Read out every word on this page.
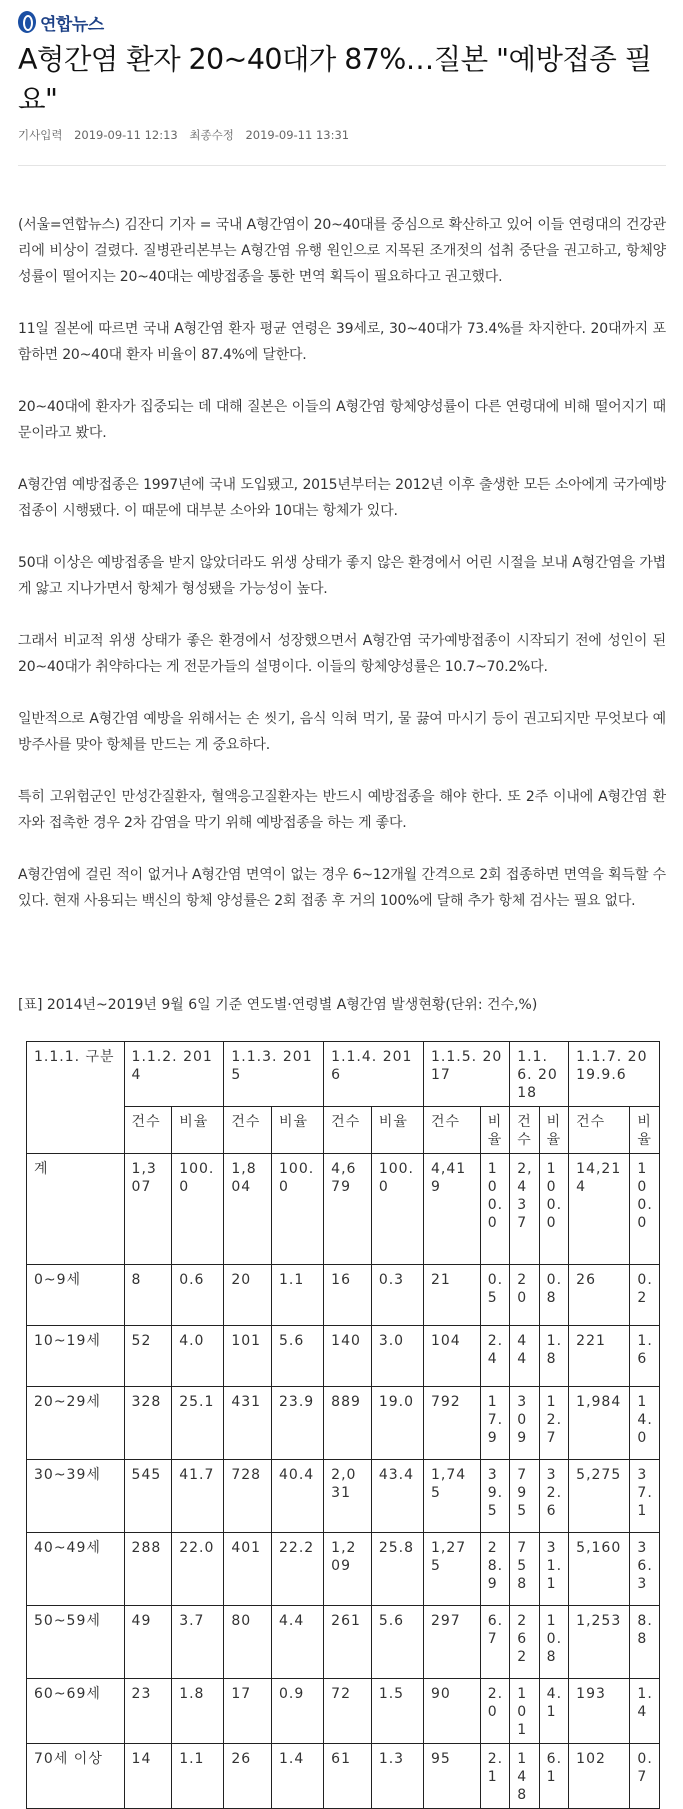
연합뉴스
A형간염 환자 20~40대가 87%…질본 "예방접종 필요"
기사입력 2019-09-11 12:13 최종수정 2019-09-11 13:31

(서울=연합뉴스) 김잔디 기자 = 국내 A형간염이 20~40대를 중심으로 확산하고 있어 이들 연령대의 건강관리에 비상이 걸렸다. 질병관리본부는 A형간염 유행 원인으로 지목된 조개젓의 섭취 중단을 권고하고, 항체양성률이 떨어지는 20~40대는 예방접종을 통한 면역 획득이 필요하다고 권고했다.

11일 질본에 따르면 국내 A형간염 환자 평균 연령은 39세로, 30~40대가 73.4%를 차지한다. 20대까지 포함하면 20~40대 환자 비율이 87.4%에 달한다.

20~40대에 환자가 집중되는 데 대해 질본은 이들의 A형간염 항체양성률이 다른 연령대에 비해 떨어지기 때문이라고 봤다.

A형간염 예방접종은 1997년에 국내 도입됐고, 2015년부터는 2012년 이후 출생한 모든 소아에게 국가예방접종이 시행됐다. 이 때문에 대부분 소아와 10대는 항체가 있다.

50대 이상은 예방접종을 받지 않았더라도 위생 상태가 좋지 않은 환경에서 어린 시절을 보내 A형간염을 가볍게 앓고 지나가면서 항체가 형성됐을 가능성이 높다.

그래서 비교적 위생 상태가 좋은 환경에서 성장했으면서 A형간염 국가예방접종이 시작되기 전에 성인이 된 20~40대가 취약하다는 게 전문가들의 설명이다. 이들의 항체양성률은 10.7~70.2%다.

일반적으로 A형간염 예방을 위해서는 손 씻기, 음식 익혀 먹기, 물 끓여 마시기 등이 권고되지만 무엇보다 예방주사를 맞아 항체를 만드는 게 중요하다.

특히 고위험군인 만성간질환자, 혈액응고질환자는 반드시 예방접종을 해야 한다. 또 2주 이내에 A형간염 환자와 접촉한 경우 2차 감염을 막기 위해 예방접종을 하는 게 좋다.

A형간염에 걸린 적이 없거나 A형간염 면역이 없는 경우 6~12개월 간격으로 2회 접종하면 면역을 획득할 수 있다. 현재 사용되는 백신의 항체 양성률은 2회 접종 후 거의 100%에 달해 추가 항체 검사는 필요 없다.

[표] 2014년~2019년 9월 6일 기준 연도별·연령별 A형간염 발생현황(단위: 건수,%)
1.1.1. 구분	1.1.2. 2014		1.1.3. 2015		1.1.4. 2016		1.1.5. 2017		1.1.6. 2018		1.1.7. 2019.9.6	
	건수	비율	건수	비율	건수	비율	건수	비율	건수	비율	건수	비율
계	1,307	100.0	1,804	100.0	4,679	100.0	4,419	100.0	2,437	100.0	14,214	100.0
0~9세	8	0.6	20	1.1	16	0.3	21	0.5	20	0.8	26	0.2
10~19세	52	4.0	101	5.6	140	3.0	104	2.4	44	1.8	221	1.6
20~29세	328	25.1	431	23.9	889	19.0	792	17.9	309	12.7	1,984	14.0
30~39세	545	41.7	728	40.4	2,031	43.4	1,745	39.5	795	32.6	5,275	37.1
40~49세	288	22.0	401	22.2	1,209	25.8	1,275	28.9	758	31.1	5,160	36.3
50~59세	49	3.7	80	4.4	261	5.6	297	6.7	262	10.8	1,253	8.8
60~69세	23	1.8	17	0.9	72	1.5	90	2.0	101	4.1	193	1.4
70세 이상	14	1.1	26	1.4	61	1.3	95	2.1	148	6.1	102	0.7
